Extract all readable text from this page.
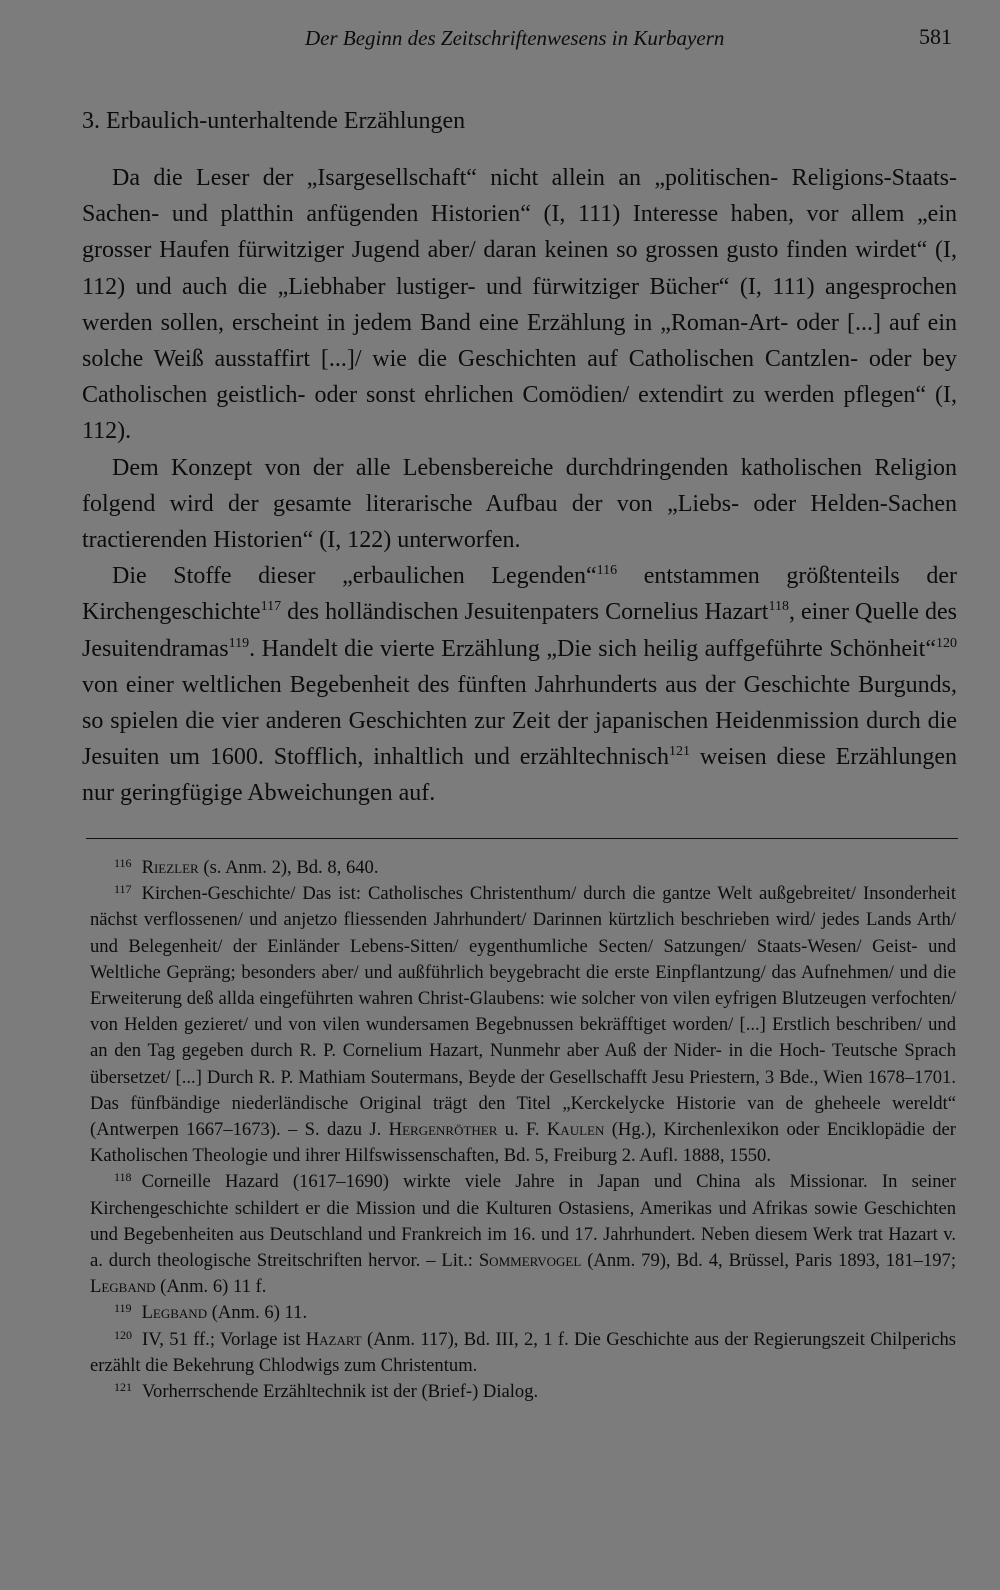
Der Beginn des Zeitschriftenwesens in Kurbayern	581
3. Erbaulich-unterhaltende Erzählungen

Da die Leser der „Isargesellschaft“ nicht allein an „politischen- Religions-Staats-Sachen- und platthin anfügenden Historien“ (I, 111) Interesse haben, vor allem „ein grosser Haufen fürwitziger Jugend aber/ daran keinen so grossen gusto finden wirdet“ (I, 112) und auch die „Liebhaber lustiger- und fürwitziger Bücher“ (I, 111) angesprochen werden sollen, erscheint in jedem Band eine Erzählung in „Roman-Art- oder [...] auf ein solche Weiß ausstaffirt [...]/ wie die Geschichten auf Catholischen Cantzlen- oder bey Catholischen geistlich- oder sonst ehrlichen Comödien/ extendirt zu werden pflegen“ (I, 112).

Dem Konzept von der alle Lebensbereiche durchdringenden katholischen Religion folgend wird der gesamte literarische Aufbau der von „Liebs- oder Helden-Sachen tractierenden Historien“ (I, 122) unterworfen.

Die Stoffe dieser „erbaulichen Legenden“$^{116}$ entstammen größtenteils der Kirchengeschichte$^{117}$ des holländischen Jesuitenpaters Cornelius Hazart$^{118}$, einer Quelle des Jesuitendramas$^{119}$. Handelt die vierte Erzählung „Die sich heilig auffgeführte Schönheit“$^{120}$ von einer weltlichen Begebenheit des fünften Jahrhunderts aus der Geschichte Burgunds, so spielen die vier anderen Geschichten zur Zeit der japanischen Heidenmission durch die Jesuiten um 1600. Stofflich, inhaltlich und erzähltechnisch$^{121}$ weisen diese Erzählungen nur geringfügige Abweichungen auf.

$^{116}$ Riezler (s. Anm. 2), Bd. 8, 640.

$^{117}$ Kirchen-Geschichte/ Das ist: Catholisches Christenthum/ durch die gantze Welt außgebreitet/ Insonderheit nächst verflossenen/ und anjetzo fliessenden Jahrhundert/ Darinnen kürtzlich beschrieben wird/ jedes Lands Arth/ und Belegenheit/ der Einländer Lebens-Sitten/ eygenthumliche Secten/ Satzungen/ Staats-Wesen/ Geist- und Weltliche Gepräng; besonders aber/ und außführlich beygebracht die erste Einpflantzung/ das Aufnehmen/ und die Erweiterung deß allda eingeführten wahren Christ-Glaubens: wie solcher von vilen eyfrigen Blutzeugen verfochten/ von Helden gezieret/ und von vilen wundersamen Begebnussen bekräfftiget worden/ [...] Erstlich beschriben/ und an den Tag gegeben durch R. P. Cornelium Hazart, Nunmehr aber Auß der Nider- in die Hoch- Teutsche Sprach übersetzet/ [...] Durch R. P. Mathiam Soutermans, Beyde der Gesellschafft Jesu Priestern, 3 Bde., Wien 1678–1701. Das fünfbändige niederländische Original trägt den Titel „Kerckelycke Historie van de gheheele wereldt“ (Antwerpen 1667–1673). – S. dazu J. Hergenröther u. F. Kaulen (Hg.), Kirchenlexikon oder Enciklopädie der Katholischen Theologie und ihrer Hilfswissenschaften, Bd. 5, Freiburg 2. Aufl. 1888, 1550.

$^{118}$ Corneille Hazard (1617–1690) wirkte viele Jahre in Japan und China als Missionar. In seiner Kirchengeschichte schildert er die Mission und die Kulturen Ostasiens, Amerikas und Afrikas sowie Geschichten und Begebenheiten aus Deutschland und Frankreich im 16. und 17. Jahrhundert. Neben diesem Werk trat Hazart v. a. durch theologische Streitschriften hervor. – Lit.: Sommervogel (Anm. 79), Bd. 4, Brüssel, Paris 1893, 181–197; Legband (Anm. 6) 11 f.

$^{119}$ Legband (Anm. 6) 11.

$^{120}$ IV, 51 ff.; Vorlage ist Hazart (Anm. 117), Bd. III, 2, 1 f. Die Geschichte aus der Regierungszeit Chilperichs erzählt die Bekehrung Chlodwigs zum Christentum.

$^{121}$ Vorherrschende Erzähltechnik ist der (Brief-) Dialog.
